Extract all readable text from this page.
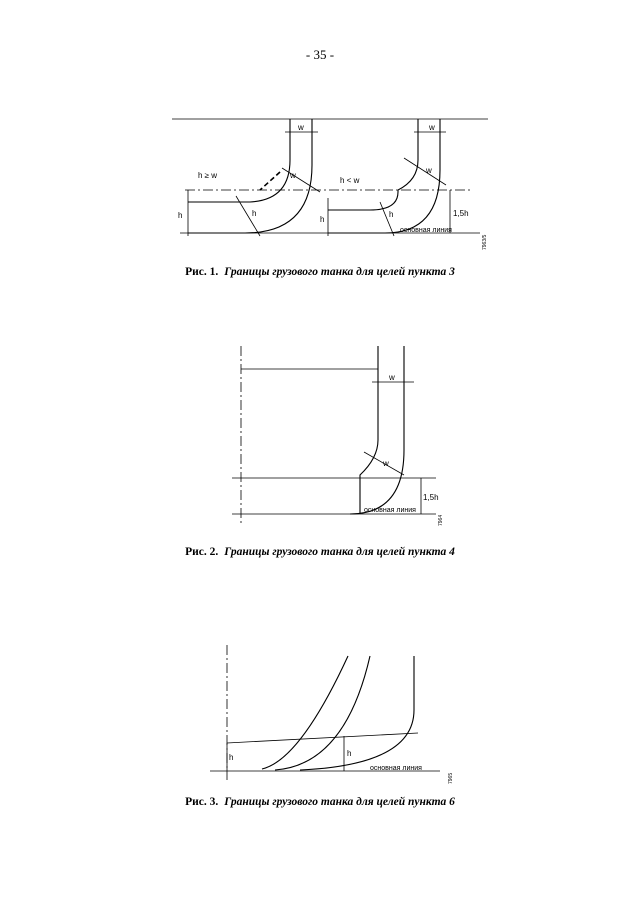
- 35 -
w	w
w
w
h ≥ w
h < w
h	h
h
h	1,5h
основная линия
7963/5
Рис. 1. Границы грузового танка для целей пункта 3
w
w
1,5h
основная линия
7964
Рис. 2. Границы грузового танка для целей пункта 4
h	h
основная линия
7965
Рис. 3. Границы грузового танка для целей пункта 6
